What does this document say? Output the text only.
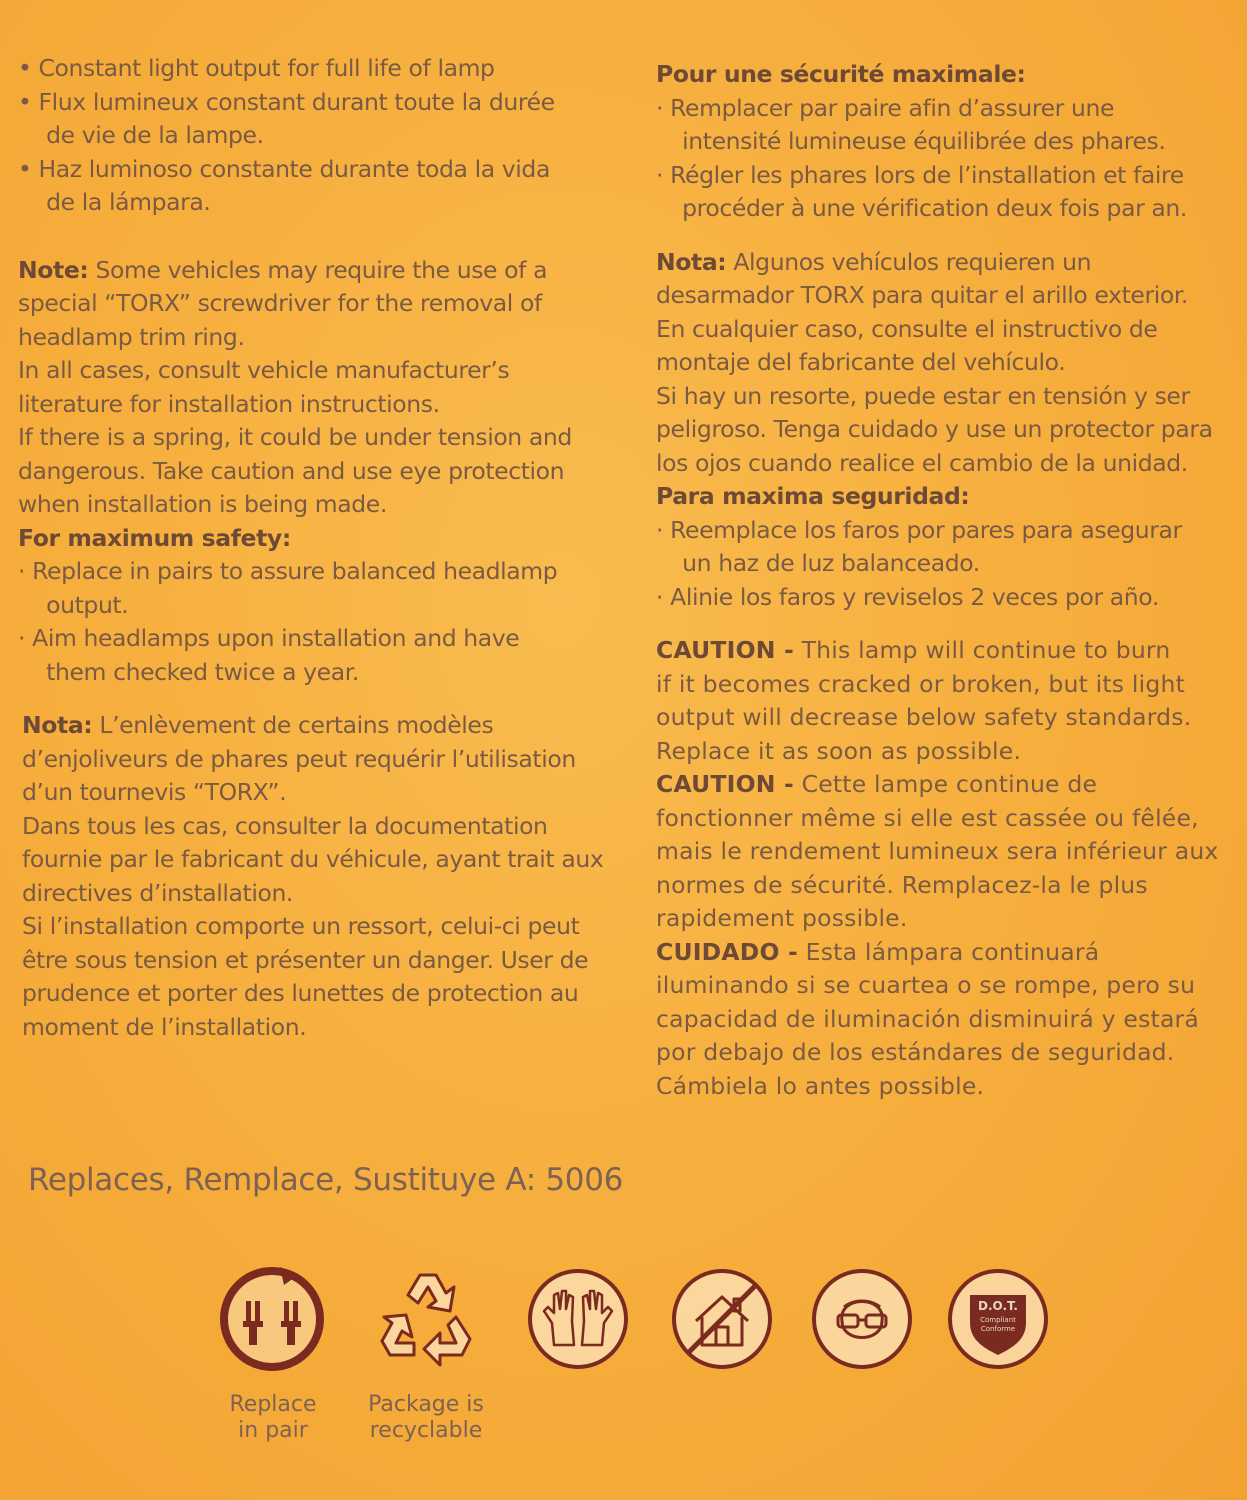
• Constant light output for full life of lamp
• Flux lumineux constant durant toute la durée
de vie de la lampe.
• Haz luminoso constante durante toda la vida
de la lámpara.
Note: Some vehicles may require the use of a
special “TORX” screwdriver for the removal of
headlamp trim ring.
In all cases, consult vehicle manufacturer’s
literature for installation instructions.
If there is a spring, it could be under tension and
dangerous. Take caution and use eye protection
when installation is being made.
For maximum safety:
· Replace in pairs to assure balanced headlamp
output.
· Aim headlamps upon installation and have
them checked twice a year.
Nota: L’enlèvement de certains modèles
d’enjoliveurs de phares peut requérir l’utilisation
d’un tournevis “TORX”.
Dans tous les cas, consulter la documentation
fournie par le fabricant du véhicule, ayant trait aux
directives d’installation.
Si l’installation comporte un ressort, celui-ci peut
être sous tension et présenter un danger. User de
prudence et porter des lunettes de protection au
moment de l’installation.
Pour une sécurité maximale:
· Remplacer par paire afin d’assurer une
intensité lumineuse équilibrée des phares.
· Régler les phares lors de l’installation et faire
procéder à une vérification deux fois par an.
Nota: Algunos vehículos requieren un
desarmador TORX para quitar el arillo exterior.
En cualquier caso, consulte el instructivo de
montaje del fabricante del vehículo.
Si hay un resorte, puede estar en tensión y ser
peligroso. Tenga cuidado y use un protector para
los ojos cuando realice el cambio de la unidad.
Para maxima seguridad:
· Reemplace los faros por pares para asegurar
un haz de luz balanceado.
· Alinie los faros y reviselos 2 veces por año.
CAUTION - This lamp will continue to burn
if it becomes cracked or broken, but its light
output will decrease below safety standards.
Replace it as soon as possible.
CAUTION - Cette lampe continue de
fonctionner même si elle est cassée ou fêlée,
mais le rendement lumineux sera inférieur aux
normes de sécurité. Remplacez-la le plus
rapidement possible.
CUIDADO - Esta lámpara continuará
iluminando si se cuartea o se rompe, pero su
capacidad de iluminación disminuirá y estará
por debajo de los estándares de seguridad.
Cámbiela lo antes possible.
Replaces, Remplace, Sustituye A: 5006
Replace
in pair
Package is
recyclable
D.O.T.
Compliant
Conforme
